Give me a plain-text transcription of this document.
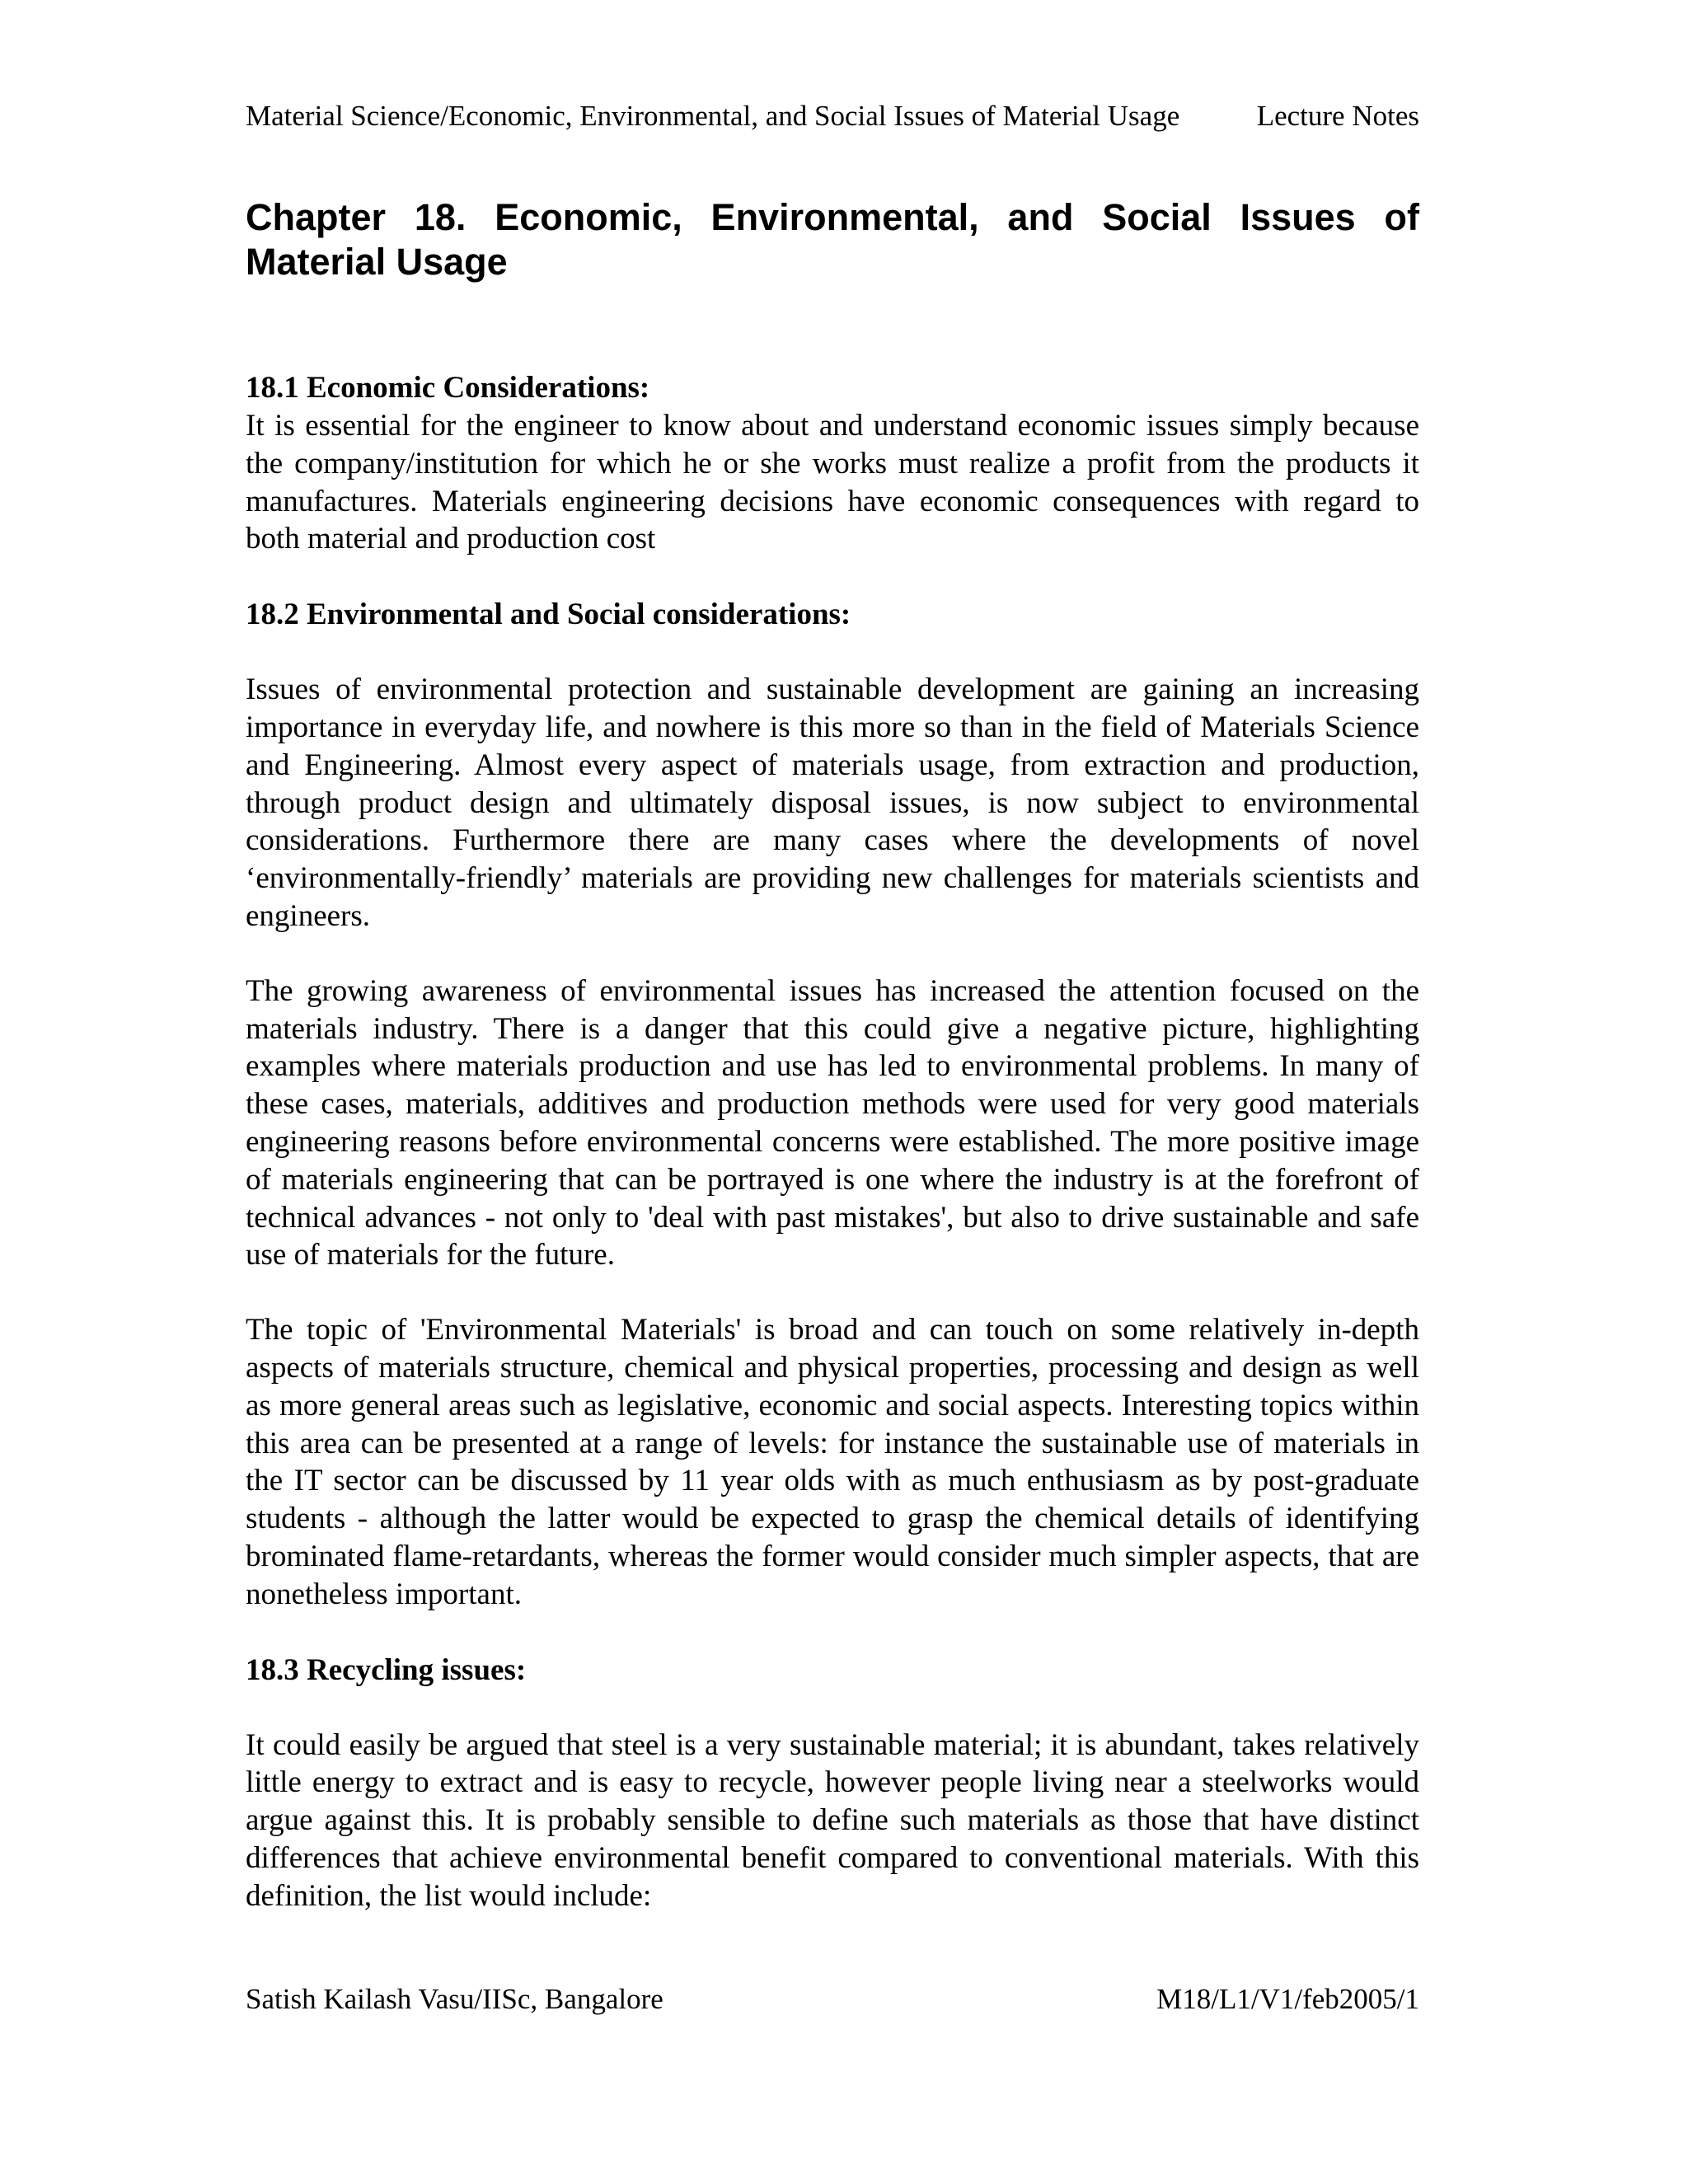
Material Science/Economic, Environmental, and Social Issues of Material Usage	Lecture Notes
Chapter 18. Economic, Environmental, and Social Issues of Material Usage
18.1 Economic Considerations:

It is essential for the engineer to know about and understand economic issues simply because the company/institution for which he or she works must realize a profit from the products it manufactures. Materials engineering decisions have economic consequences with regard to both material and production cost

18.2 Environmental and Social considerations:

Issues of environmental protection and sustainable development are gaining an increasing importance in everyday life, and nowhere is this more so than in the field of Materials Science and Engineering. Almost every aspect of materials usage, from extraction and production, through product design and ultimately disposal issues, is now subject to environmental considerations. Furthermore there are many cases where the developments of novel ‘environmentally-friendly’ materials are providing new challenges for materials scientists and engineers.

The growing awareness of environmental issues has increased the attention focused on the materials industry. There is a danger that this could give a negative picture, highlighting examples where materials production and use has led to environmental problems. In many of these cases, materials, additives and production methods were used for very good materials engineering reasons before environmental concerns were established. The more positive image of materials engineering that can be portrayed is one where the industry is at the forefront of technical advances - not only to 'deal with past mistakes', but also to drive sustainable and safe use of materials for the future.

The topic of 'Environmental Materials' is broad and can touch on some relatively in-depth aspects of materials structure, chemical and physical properties, processing and design as well as more general areas such as legislative, economic and social aspects. Interesting topics within this area can be presented at a range of levels: for instance the sustainable use of materials in the IT sector can be discussed by 11 year olds with as much enthusiasm as by post-graduate students - although the latter would be expected to grasp the chemical details of identifying brominated flame-retardants, whereas the former would consider much simpler aspects, that are nonetheless important.

18.3 Recycling issues:

It could easily be argued that steel is a very sustainable material; it is abundant, takes relatively little energy to extract and is easy to recycle, however people living near a steelworks would argue against this. It is probably sensible to define such materials as those that have distinct differences that achieve environmental benefit compared to conventional materials. With this definition, the list would include:

Satish Kailash Vasu/IISc, Bangalore	M18/L1/V1/feb2005/1
